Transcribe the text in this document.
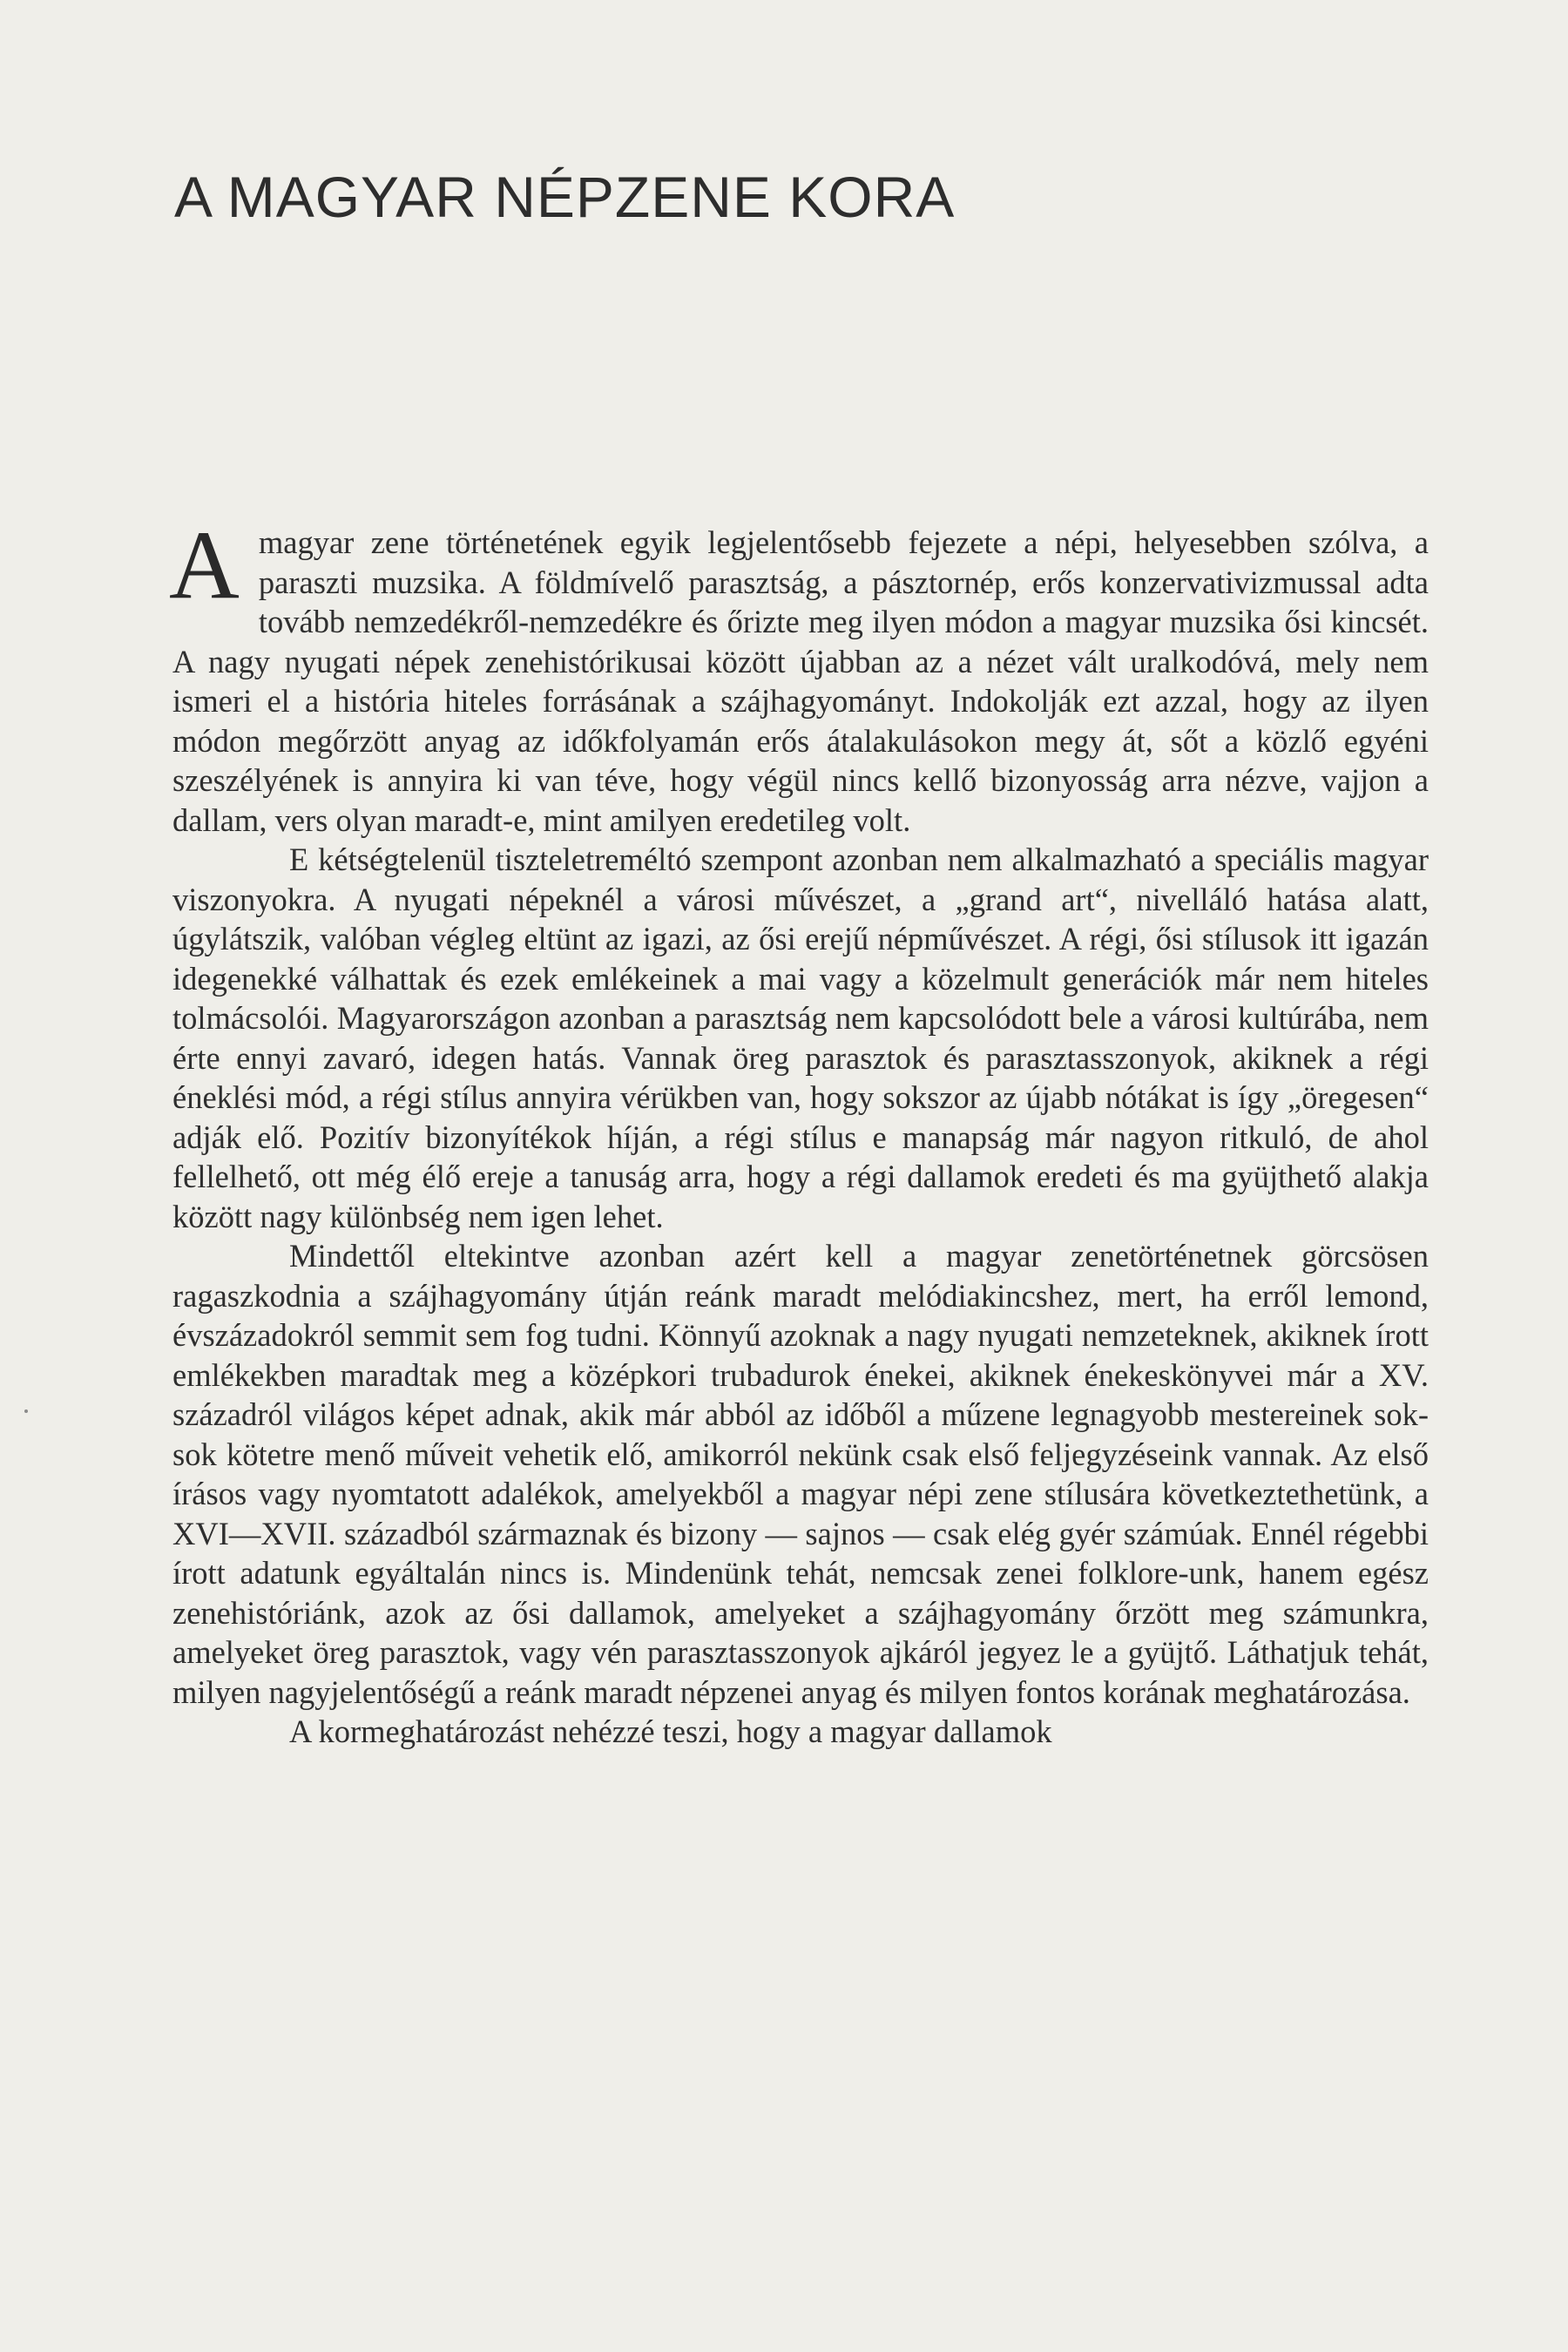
A MAGYAR NÉPZENE KORA

A magyar zene történetének egyik legjelentősebb fejezete a népi, helyesebben szólva, a paraszti muzsika. A földmívelő parasztság, a pásztornép, erős konzervativizmussal adta tovább nemzedékről-nemzedékre és őrizte meg ilyen módon a magyar muzsika ősi kincsét. A nagy nyugati népek zenehistórikusai között újabban az a nézet vált uralkodóvá, mely nem ismeri el a história hiteles forrásának a szájhagyományt. Indokolják ezt azzal, hogy az ilyen módon megőrzött anyag az időkfolyamán erős átalakulásokon megy át, sőt a közlő egyéni szeszélyének is annyira ki van téve, hogy végül nincs kellő bizonyosság arra nézve, vajjon a dallam, vers olyan maradt-e, mint amilyen eredetileg volt.

E kétségtelenül tiszteletreméltó szempont azonban nem alkalmazható a speciális magyar viszonyokra. A nyugati népeknél a városi művészet, a „grand art“, nivelláló hatása alatt, úgylátszik, valóban végleg eltünt az igazi, az ősi erejű népművészet. A régi, ősi stílusok itt igazán idegenekké válhattak és ezek emlékeinek a mai vagy a közelmult generációk már nem hiteles tolmácsolói. Magyarországon azonban a parasztság nem kapcsolódott bele a városi kultúrába, nem érte ennyi zavaró, idegen hatás. Vannak öreg parasztok és parasztasszonyok, akiknek a régi éneklési mód, a régi stílus annyira vérükben van, hogy sokszor az újabb nótákat is így „öregesen“ adják elő. Pozitív bizonyítékok híján, a régi stílus e manapság már nagyon ritkuló, de ahol fellelhető, ott még élő ereje a tanuság arra, hogy a régi dallamok eredeti és ma gyüjthető alakja között nagy különbség nem igen lehet.

Mindettől eltekintve azonban azért kell a magyar zenetörténetnek görcsösen ragaszkodnia a szájhagyomány útján reánk maradt melódiakincshez, mert, ha erről lemond, évszázadokról semmit sem fog tudni. Könnyű azoknak a nagy nyugati nemzeteknek, akiknek írott emlékekben maradtak meg a középkori trubadurok énekei, akiknek énekeskönyvei már a XV. századról világos képet adnak, akik már abból az időből a műzene legnagyobb mestereinek sok-sok kötetre menő műveit vehetik elő, amikorról nekünk csak első feljegyzéseink vannak. Az első írásos vagy nyomtatott adalékok, amelyekből a magyar népi zene stílusára következtethetünk, a XVI—XVII. századból származnak és bizony — sajnos — csak elég gyér számúak. Ennél régebbi írott adatunk egyáltalán nincs is. Mindenünk tehát, nemcsak zenei folklore-unk, hanem egész zenehistóriánk, azok az ősi dallamok, amelyeket a szájhagyomány őrzött meg számunkra, amelyeket öreg parasztok, vagy vén parasztasszonyok ajkáról jegyez le a gyüjtő. Láthatjuk tehát, milyen nagyjelentőségű a reánk maradt népzenei anyag és milyen fontos korának meghatározása.

A kormeghatározást nehézzé teszi, hogy a magyar dallamok
